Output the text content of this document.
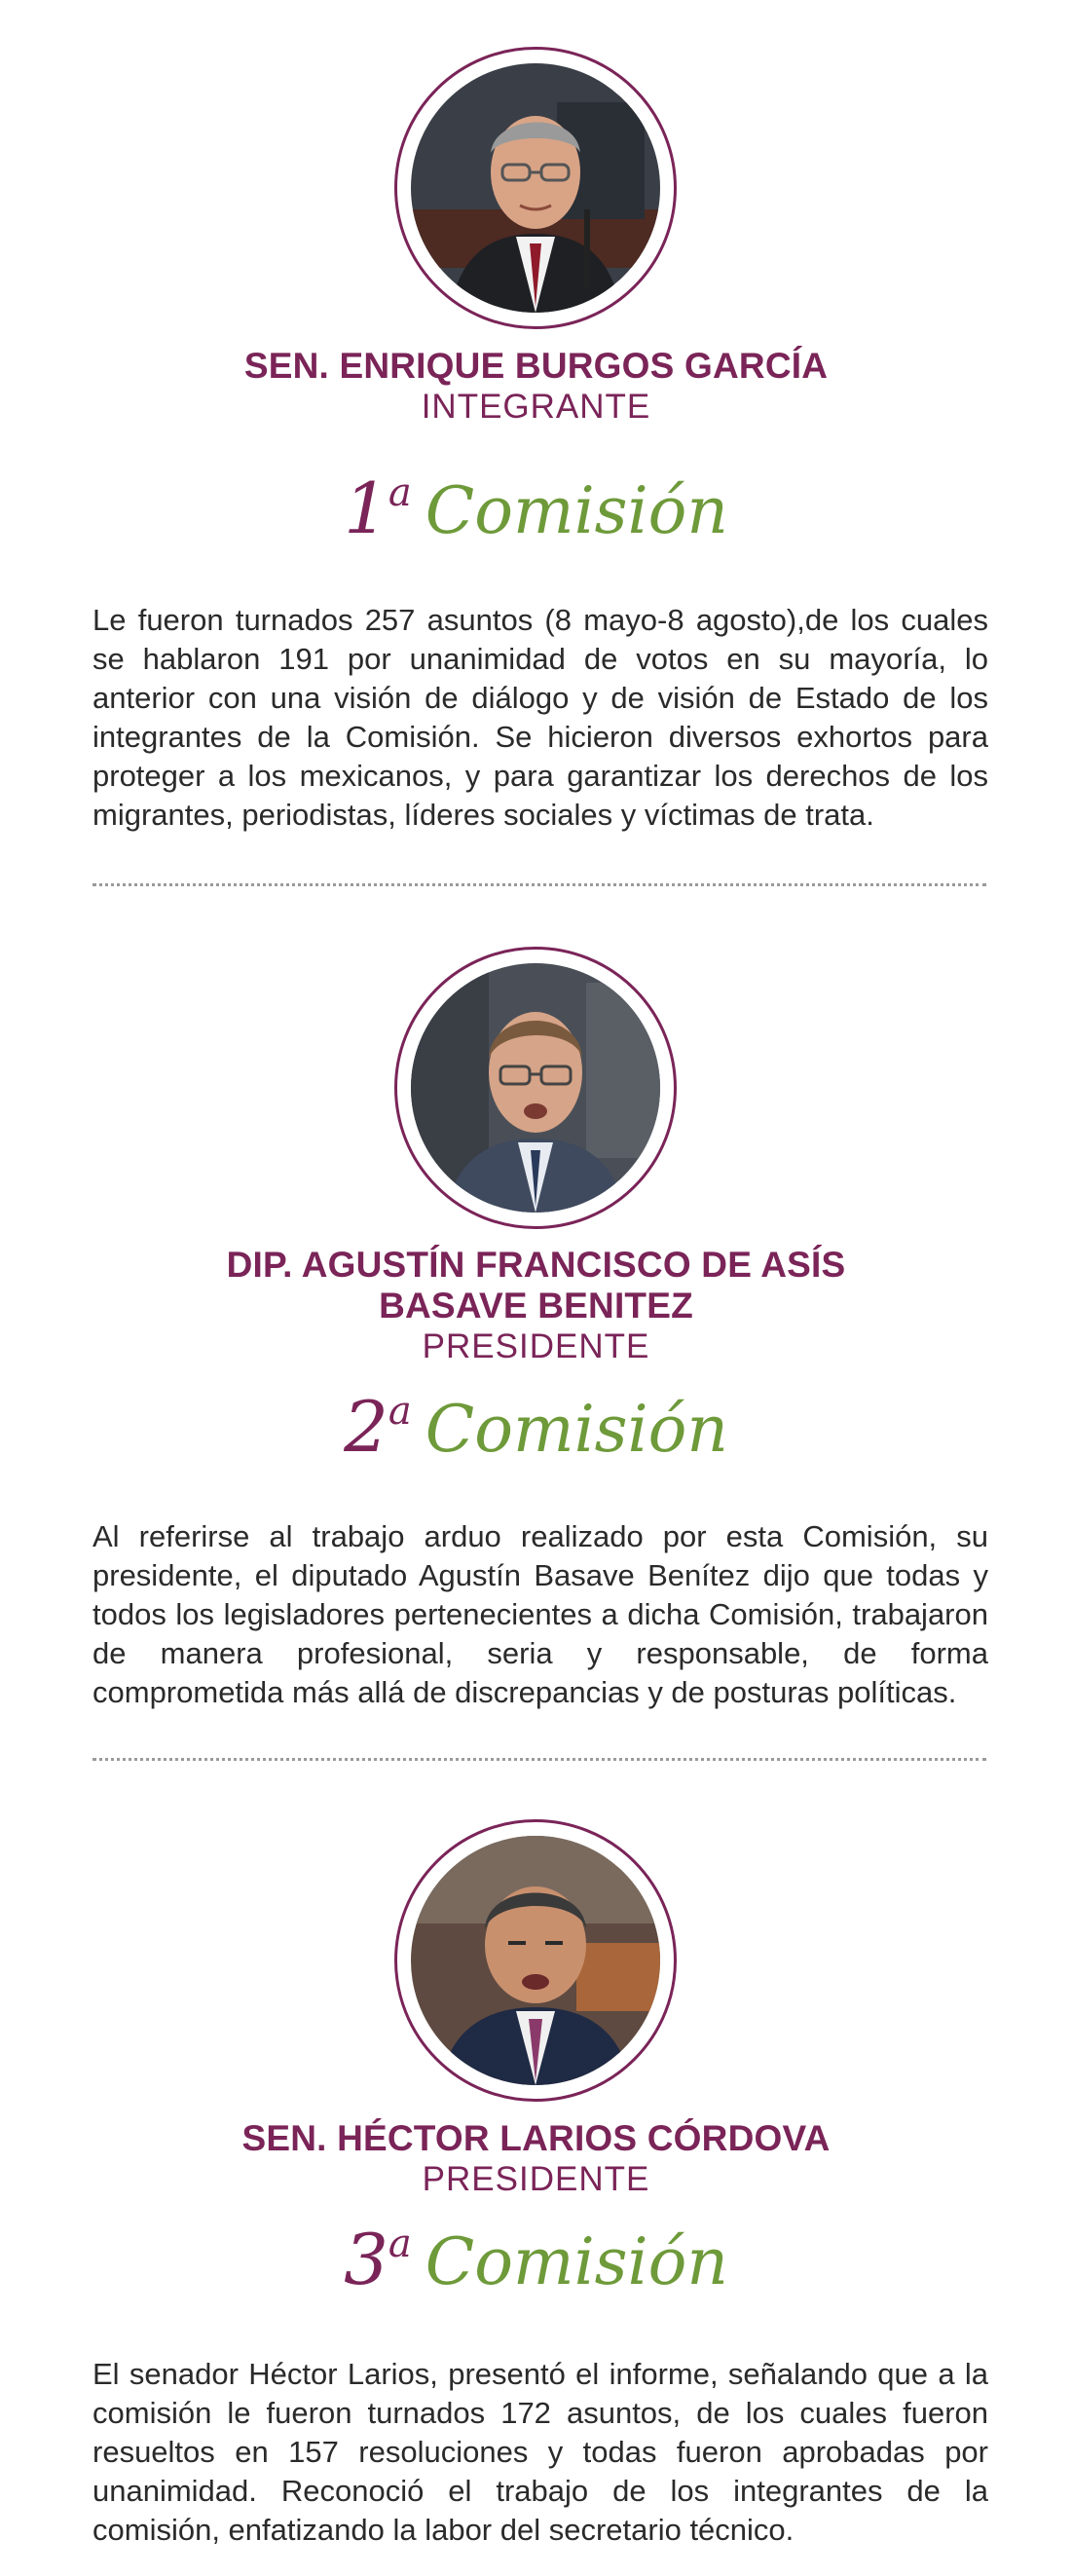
SEN. ENRIQUE BURGOS GARCÍA
INTEGRANTE
1a Comisión
Le fueron turnados 257 asuntos (8 mayo-8 agosto),de los cuales se hablaron 191 por unanimidad de votos en su mayoría, lo anterior con una visión de diálogo y de visión de Estado de los integrantes de la Comisión. Se hicieron diversos exhortos para proteger a los mexicanos, y para garantizar los derechos de los migrantes, periodistas, líderes sociales y víctimas de trata.
DIP. AGUSTÍN FRANCISCO DE ASÍS
BASAVE BENITEZ
PRESIDENTE
2a Comisión
Al referirse al trabajo arduo realizado por esta Comisión, su presidente, el diputado Agustín Basave Benítez dijo que todas y todos los legisladores pertenecientes a dicha Comisión, trabajaron de manera profesional, seria y responsable, de forma comprometida más allá de discrepancias y de posturas políticas.
SEN. HÉCTOR LARIOS CÓRDOVA
PRESIDENTE
3a Comisión
El senador Héctor Larios, presentó el informe, señalando que a la comisión le fueron turnados 172 asuntos, de los cuales fueron resueltos en 157 resoluciones y todas fueron aprobadas por unanimidad. Reconoció el trabajo de los integrantes de la comisión, enfatizando la labor del secretario técnico.
